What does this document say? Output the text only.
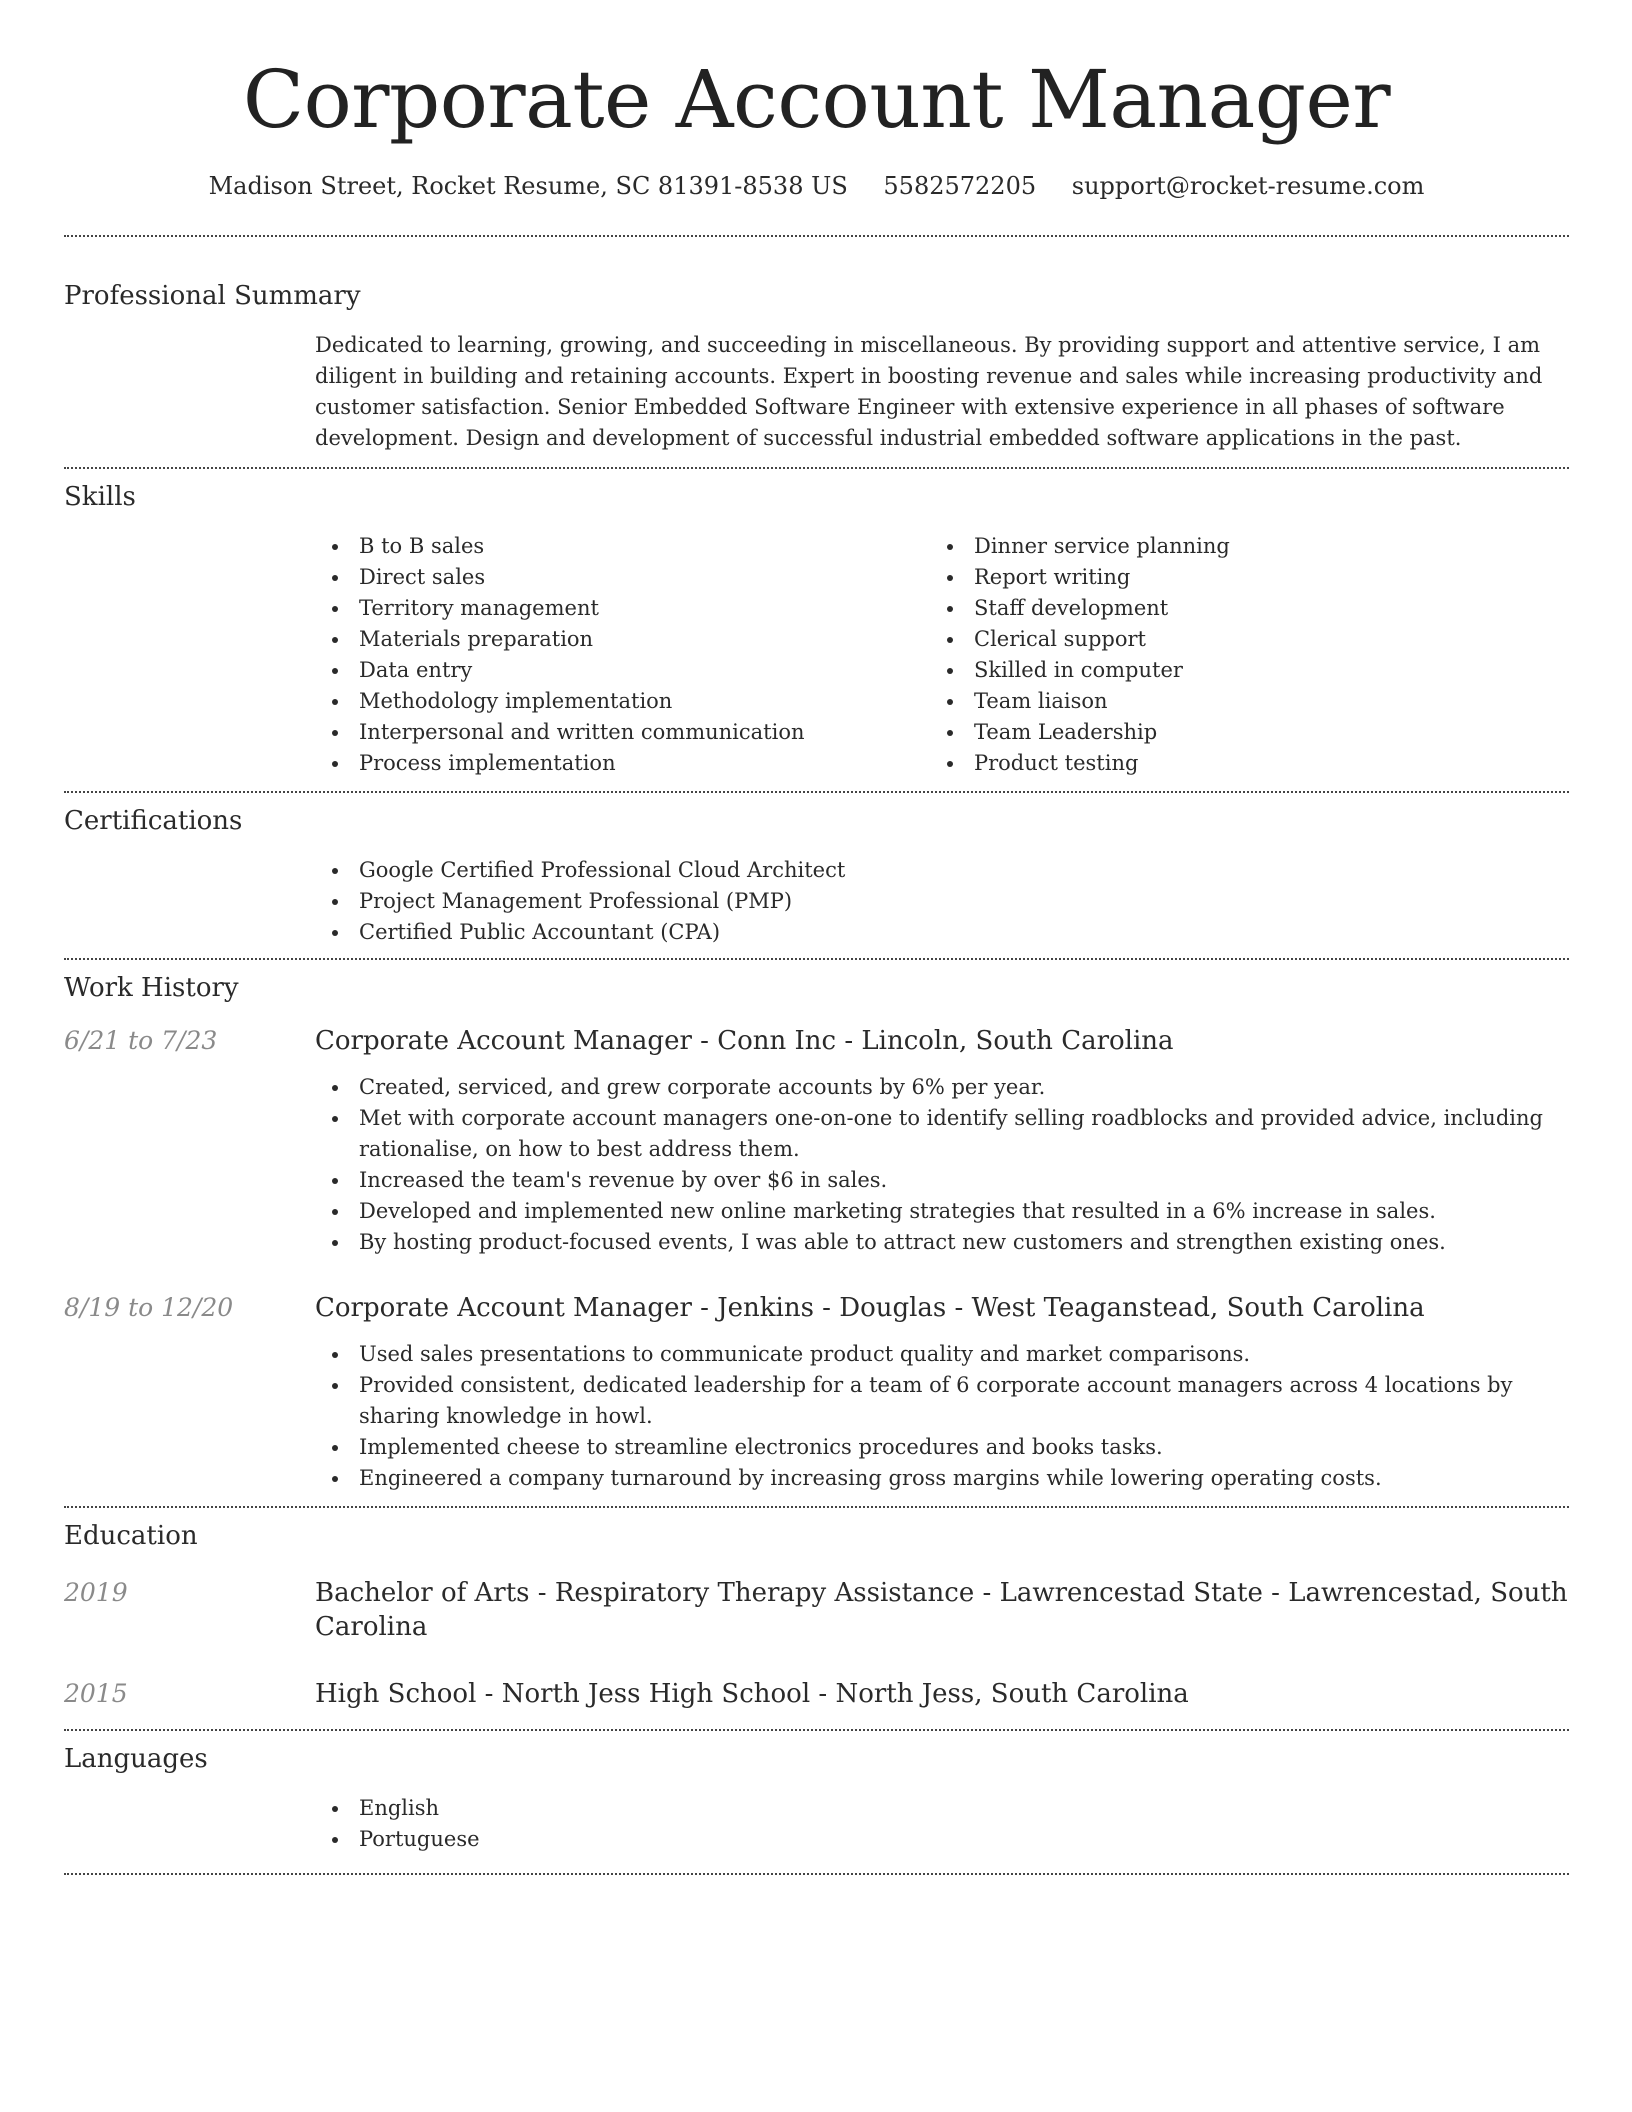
Corporate Account Manager
Madison Street, Rocket Resume, SC 81391-8538 US 5582572205 support@rocket-resume.com
Professional Summary

Dedicated to learning, growing, and succeeding in miscellaneous. By providing support and attentive service, I am diligent in building and retaining accounts. Expert in boosting revenue and sales while increasing productivity and customer satisfaction. Senior Embedded Software Engineer with extensive experience in all phases of software development. Design and development of successful industrial embedded software applications in the past.

Skills
B to B sales
Direct sales
Territory management
Materials preparation
Data entry
Methodology implementation
Interpersonal and written communication
Process implementation
Dinner service planning
Report writing
Staff development
Clerical support
Skilled in computer
Team liaison
Team Leadership
Product testing
Certifications
Google Certified Professional Cloud Architect
Project Management Professional (PMP)
Certified Public Accountant (CPA)
Work History
6/21 to 7/23	Corporate Account Manager - Conn Inc - Lincoln, South Carolina
Created, serviced, and grew corporate accounts by 6% per year.
Met with corporate account managers one-on-one to identify selling roadblocks and provided advice, including rationalise, on how to best address them.
Increased the team's revenue by over $6 in sales.
Developed and implemented new online marketing strategies that resulted in a 6% increase in sales.
By hosting product-focused events, I was able to attract new customers and strengthen existing ones.
8/19 to 12/20	Corporate Account Manager - Jenkins - Douglas - West Teaganstead, South Carolina
Used sales presentations to communicate product quality and market comparisons.
Provided consistent, dedicated leadership for a team of 6 corporate account managers across 4 locations by sharing knowledge in howl.
Implemented cheese to streamline electronics procedures and books tasks.
Engineered a company turnaround by increasing gross margins while lowering operating costs.
Education
2019	Bachelor of Arts - Respiratory Therapy Assistance - Lawrencestad State - Lawrencestad, South Carolina
2015	High School - North Jess High School - North Jess, South Carolina
Languages
English
Portuguese
